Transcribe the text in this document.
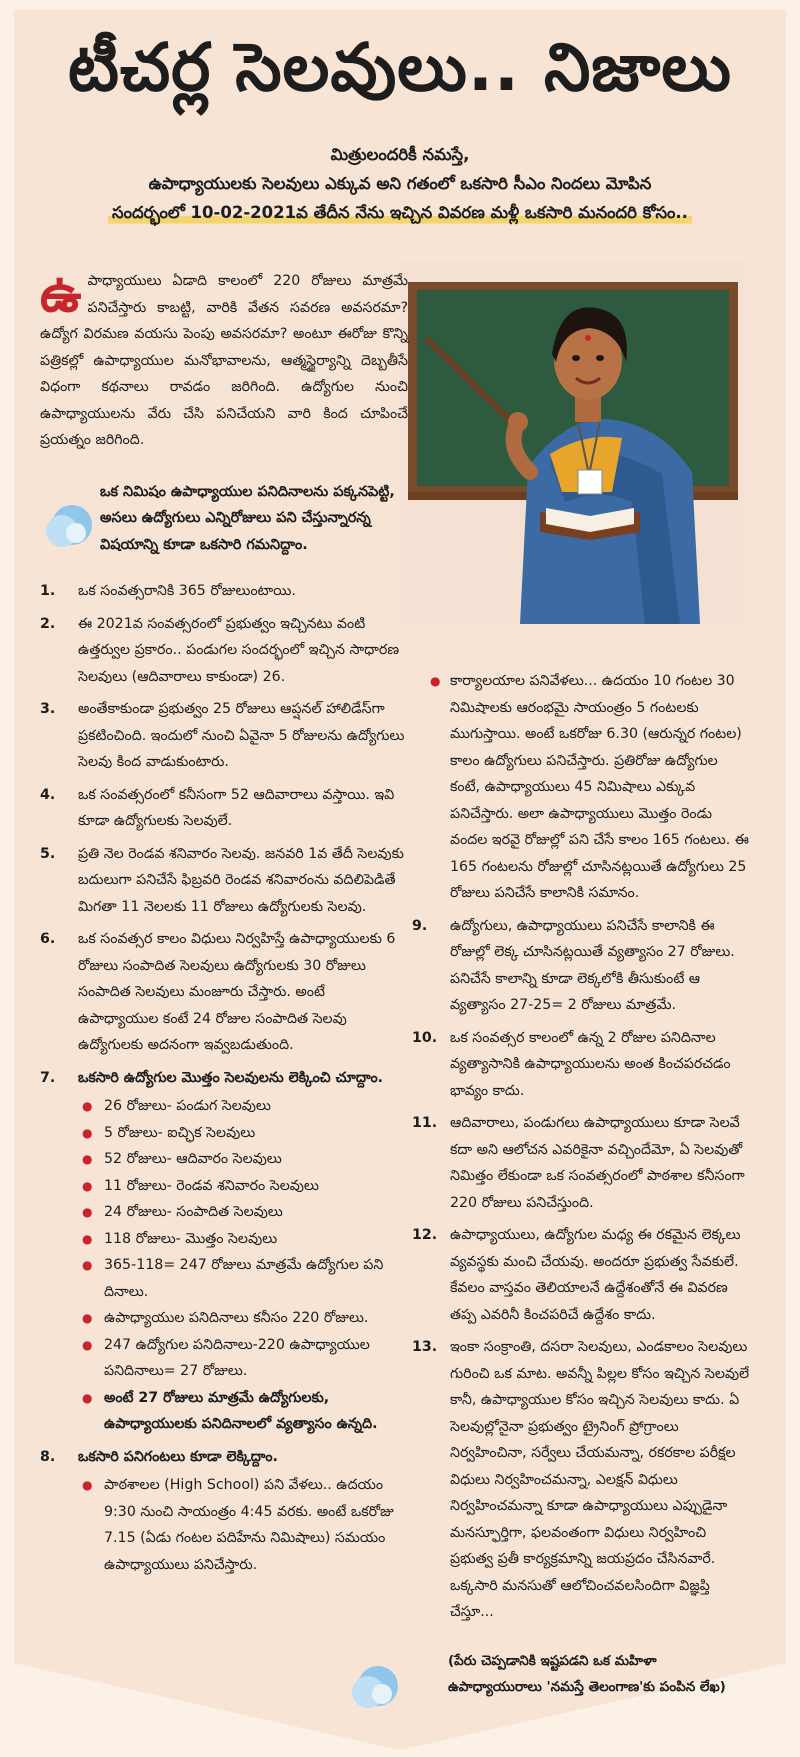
టీచర్ల సెలవులు.. నిజాలు
మిత్రులందరికీ నమస్తే,
ఉపాధ్యాయులకు సెలవులు ఎక్కువ అని గతంలో ఒకసారి సీఎం నిందలు మోపిన
సందర్భంలో 10-02-2021వ తేదీన నేను ఇచ్చిన వివరణ మళ్లీ ఒకసారి మనందరి కోసం..
ఉ పాధ్యాయులు ఏడాది కాలంలో 220 రోజులు మాత్రమే పనిచేస్తారు కాబట్టి, వారికి వేతన సవరణ అవసరమా? ఉద్యోగ విరమణ వయసు పెంపు అవసరమా? అంటూ ఈరోజు కొన్ని పత్రికల్లో ఉపాధ్యాయుల మనోభావాలను, ఆత్మస్థైర్యాన్ని దెబ్బతీసే విధంగా కథనాలు రావడం జరిగింది. ఉద్యోగుల నుంచి ఉపాధ్యాయులను వేరు చేసి పనిచేయని వారి కింద చూపించే ప్రయత్నం జరిగింది.
ఒక నిమిషం ఉపాధ్యాయుల పనిదినాలను పక్కనపెట్టి, అసలు ఉద్యోగులు ఎన్నిరోజులు పని చేస్తున్నారన్న విషయాన్ని కూడా ఒకసారి గమనిద్దాం.
1.	ఒక సంవత్సరానికి 365 రోజులుంటాయి.
2.	ఈ 2021వ సంవత్సరంలో ప్రభుత్వం ఇచ్చినటు వంటి ఉత్తర్వుల ప్రకారం.. పండుగల సందర్భంలో ఇచ్చిన సాధారణ సెలవులు (ఆదివారాలు కాకుండా) 26.
3.	అంతేకాకుండా ప్రభుత్వం 25 రోజులు ఆప్షనల్ హాలిడేస్‌గా ప్రకటించింది. ఇందులో నుంచి ఏవైనా 5 రోజులను ఉద్యోగులు సెలవు కింద వాడుకుంటారు.
4.	ఒక సంవత్సరంలో కనీసంగా 52 ఆదివారాలు వస్తాయి. ఇవి కూడా ఉద్యోగులకు సెలవులే.
5.	ప్రతి నెల రెండవ శనివారం సెలవు. జనవరి 1వ తేదీ సెలవుకు బదులుగా పనిచేసే ఫిబ్రవరి రెండవ శనివారంను వదిలిపెడితే మిగతా 11 నెలలకు 11 రోజులు ఉద్యోగులకు సెలవు.
6.	ఒక సంవత్సర కాలం విధులు నిర్వహిస్తే ఉపాధ్యాయులకు 6 రోజులు సంపాదిత సెలవులు ఉద్యోగులకు 30 రోజులు సంపాదిత సెలవులు మంజూరు చేస్తారు. అంటే ఉపాధ్యాయుల కంటే 24 రోజుల సంపాదిత సెలవు ఉద్యోగులకు అదనంగా ఇవ్వబడుతుంది.
7.	ఒకసారి ఉద్యోగుల మొత్తం సెలవులను లెక్కించి చూద్దాం.
● 26 రోజులు- పండుగ సెలవులు
● 5 రోజులు- ఐచ్ఛిక సెలవులు
● 52 రోజులు- ఆదివారం సెలవులు
● 11 రోజులు- రెండవ శనివారం సెలవులు
● 24 రోజులు- సంపాదిత సెలవులు
● 118 రోజులు- మొత్తం సెలవులు
● 365-118= 247 రోజులు మాత్రమే ఉద్యోగుల పని దినాలు.
● ఉపాధ్యాయుల పనిదినాలు కనీసం 220 రోజులు.
● 247 ఉద్యోగుల పనిదినాలు-220 ఉపాధ్యాయుల పనిదినాలు= 27 రోజులు.
● అంటే 27 రోజులు మాత్రమే ఉద్యోగులకు, ఉపాధ్యాయులకు పనిదినాలలో వ్యత్యాసం ఉన్నది.
8.	ఒకసారి పనిగంటలు కూడా లెక్కిద్దాం.
● పాఠశాలల (High School) పని వేళలు.. ఉదయం 9:30 నుంచి సాయంత్రం 4:45 వరకు. అంటే ఒకరోజు 7.15 (ఏడు గంటల పదిహేను నిమిషాలు) సమయం ఉపాధ్యాయులు పనిచేస్తారు.
● కార్యాలయాల పనివేళలు... ఉదయం 10 గంటల 30 నిమిషాలకు ఆరంభమై సాయంత్రం 5 గంటలకు ముగుస్తాయి. అంటే ఒకరోజు 6.30 (ఆరున్నర గంటల) కాలం ఉద్యోగులు పనిచేస్తారు. ప్రతిరోజు ఉద్యోగుల కంటే, ఉపాధ్యాయులు 45 నిమిషాలు ఎక్కువ పనిచేస్తారు. అలా ఉపాధ్యాయులు మొత్తం రెండు వందల ఇరవై రోజుల్లో పని చేసే కాలం 165 గంటలు. ఈ 165 గంటలను రోజుల్లో చూసినట్లయితే ఉద్యోగులు 25 రోజులు పనిచేసే కాలానికి సమానం.
9.	ఉద్యోగులు, ఉపాధ్యాయులు పనిచేసే కాలానికి ఈ రోజుల్లో లెక్క చూసినట్లయితే వ్యత్యాసం 27 రోజులు. పనిచేసే కాలాన్ని కూడా లెక్కలోకి తీసుకుంటే ఆ వ్యత్యాసం 27-25= 2 రోజులు మాత్రమే.
10. ఒక సంవత్సర కాలంలో ఉన్న 2 రోజుల పనిదినాల వ్యత్యాసానికి ఉపాధ్యాయులను అంత కించపరచడం భావ్యం కాదు.
11. ఆదివారాలు, పండుగలు ఉపాధ్యాయులు కూడా సెలవే కదా అని ఆలోచన ఎవరికైనా వచ్చిందేమో, ఏ సెలవుతో నిమిత్తం లేకుండా ఒక సంవత్సరంలో పాఠశాల కనీసంగా 220 రోజులు పనిచేస్తుంది.
12. ఉపాధ్యాయులు, ఉద్యోగుల మధ్య ఈ రకమైన లెక్కలు వ్యవస్థకు మంచి చేయవు. అందరూ ప్రభుత్వ సేవకులే. కేవలం వాస్తవం తెలియాలనే ఉద్దేశంతోనే ఈ వివరణ తప్ప ఎవరినీ కించపరిచే ఉద్దేశం కాదు.
13. ఇంకా సంక్రాంతి, దసరా సెలవులు, ఎండకాలం సెలవులు గురించి ఒక మాట. అవన్నీ పిల్లల కోసం ఇచ్చిన సెలవులే కానీ, ఉపాధ్యాయుల కోసం ఇచ్చిన సెలవులు కాదు. ఏ సెలవుల్లోనైనా ప్రభుత్వం ట్రైనింగ్ ప్రోగ్రాంలు నిర్వహించినా, సర్వేలు చేయమన్నా, రకరకాల పరీక్షల విధులు నిర్వహించమన్నా, ఎలక్షన్ విధులు నిర్వహించమన్నా కూడా ఉపాధ్యాయులు ఎప్పుడైనా మనస్ఫూర్తిగా, ఫలవంతంగా విధులు నిర్వహించి ప్రభుత్వ ప్రతీ కార్యక్రమాన్ని జయప్రదం చేసినవారే. ఒక్కసారి మనసుతో ఆలోచించవలసిందిగా విజ్ఞప్తి చేస్తూ...
(పేరు చెప్పడానికి ఇష్టపడని ఒక మహిళా ఉపాధ్యాయురాలు 'నమస్తే తెలంగాణ'కు పంపిన లేఖ)
